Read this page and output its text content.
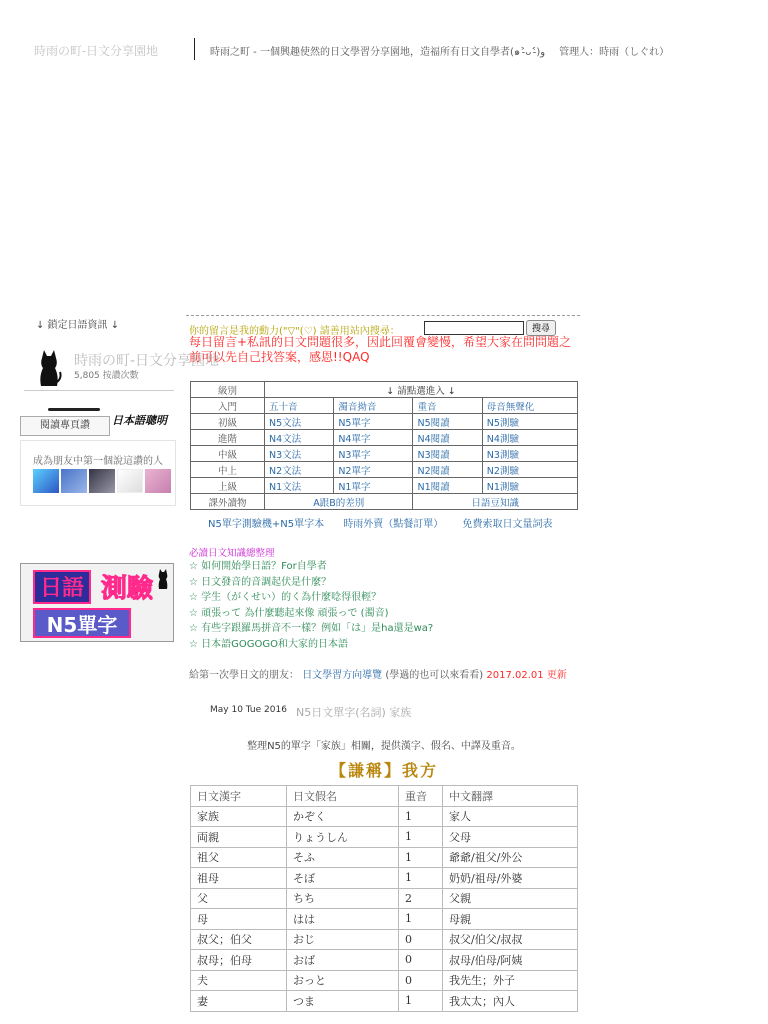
時雨の町-日文分享園地	時雨之町 - 一個興趣使然的日文學習分享園地，造福所有日文自學者(๑˃̵ᴗ˂̵)و 管理人：時雨（しぐれ）
↓ 鎖定日語資訊 ↓
時雨の町-日文分享園地
5,805 按讚次數
閱讀專頁讚	日本語聰明
成為朋友中第一個說這讚的人
日語 測驗
N5單字
你的留言是我的動力("▽"(♡) 請善用站內搜尋：	搜尋
每日留言+私訊的日文問題很多，因此回覆會變慢，希望大家在問問題之前可以先自己找答案，感恩!!QAQ
級別	↓ 請點選進入 ↓			
入門	五十音	濁音拗音	重音	母音無聲化
初級	N5文法	N5單字	N5閱讀	N5測驗
進階	N4文法	N4單字	N4閱讀	N4測驗
中級	N3文法	N3單字	N3閱讀	N3測驗
中上	N2文法	N2單字	N2閱讀	N2測驗
上級	N1文法	N1單字	N1閱讀	N1測驗
課外讀物	A跟B的差別		日語豆知識	
N5單字測驗機+N5單字本 時雨外賣（點餐訂單） 免費索取日文量詞表
必讀日文知識總整理
☆ 如何開始學日語？For自學者
☆ 日文發音的音調起伏是什麼？
☆ 学生（がくせい）的く為什麼唸得很輕？
☆ 頑張って 為什麼聽起來像 頑張っで (濁音)
☆ 有些字跟羅馬拼音不一樣？例如「は」是ha還是wa?
☆ 日本語GOGOGO和大家的日本語
給第一次學日文的朋友： 日文學習方向導覽 (學過的也可以來看看) 2017.02.01 更新
May 10 Tue 2016 N5日文單字(名詞) 家族
整理N5的單字「家族」相關，提供漢字、假名、中譯及重音。
【謙稱】我方
日文漢字	日文假名	重音	中文翻譯
家族	かぞく	1	家人
両親	りょうしん	1	父母
祖父	そふ	1	爺爺/祖父/外公
祖母	そぼ	1	奶奶/祖母/外婆
父	ちち	2	父親
母	はは	1	母親
叔父；伯父	おじ	0	叔父/伯父/叔叔
叔母；伯母	おば	0	叔母/伯母/阿姨
夫	おっと	0	我先生；外子
妻	つま	1	我太太；內人
